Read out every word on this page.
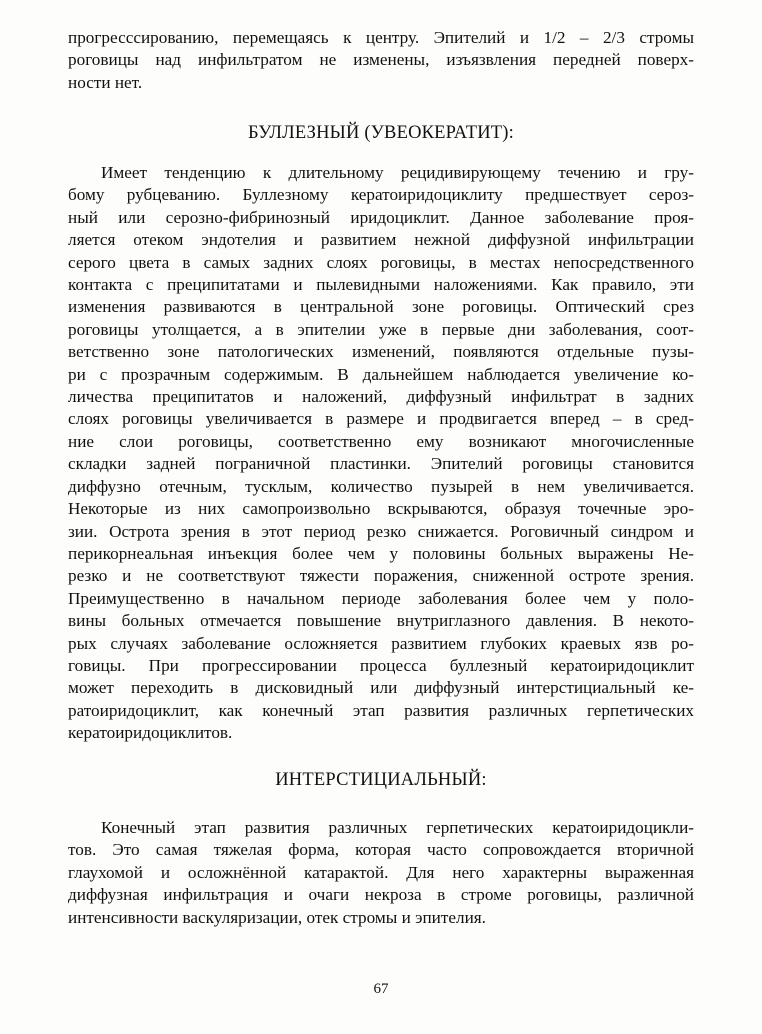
прогресссированию, перемещаясь к центру. Эпителий и 1/2 – 2/3 стромы
роговицы над инфильтратом не изменены, изъязвления передней поверх-
ности нет.

БУЛЛЕЗНЫЙ (УВЕОКЕРАТИТ):

Имеет тенденцию к длительному рецидивирующему течению и гру-
бому рубцеванию. Буллезному кератоиридоциклиту предшествует сероз-
ный или серозно-фибринозный иридоциклит. Данное заболевание проя-
ляется отеком эндотелия и развитием нежной диффузной инфильтрации
серого цвета в самых задних слоях роговицы, в местах непосредственного
контакта с преципитатами и пылевидными наложениями. Как правило, эти
изменения развиваются в центральной зоне роговицы. Оптический срез
роговицы утолщается, а в эпителии уже в первые дни заболевания, соот-
ветственно зоне патологических изменений, появляются отдельные пузы-
ри с прозрачным содержимым. В дальнейшем наблюдается увеличение ко-
личества преципитатов и наложений, диффузный инфильтрат в задних
слоях роговицы увеличивается в размере и продвигается вперед – в сред-
ние слои роговицы, соответственно ему возникают многочисленные
складки задней пограничной пластинки. Эпителий роговицы становится
диффузно отечным, тусклым, количество пузырей в нем увеличивается.
Некоторые из них самопроизвольно вскрываются, образуя точечные эро-
зии. Острота зрения в этот период резко снижается. Роговичный синдром и
перикорнеальная инъекция более чем у половины больных выражены Не-
резко и не соответствуют тяжести поражения, сниженной остроте зрения.
Преимущественно в начальном периоде заболевания более чем у поло-
вины больных отмечается повышение внутриглазного давления. В некото-
рых случаях заболевание осложняется развитием глубоких краевых язв ро-
говицы. При прогрессировании процесса буллезный кератоиридоциклит
может переходить в дисковидный или диффузный интерстициальный ке-
ратоиридоциклит, как конечный этап развития различных герпетических
кератоиридоциклитов.

ИНТЕРСТИЦИАЛЬНЫЙ:

Конечный этап развития различных герпетических кератоиридоцикли-
тов. Это самая тяжелая форма, которая часто сопровождается вторичной
глаухомой и осложнённой катарактой. Для него характерны выраженная
диффузная инфильтрация и очаги некроза в строме роговицы, различной
интенсивности васкуляризации, отек стромы и эпителия.

67
